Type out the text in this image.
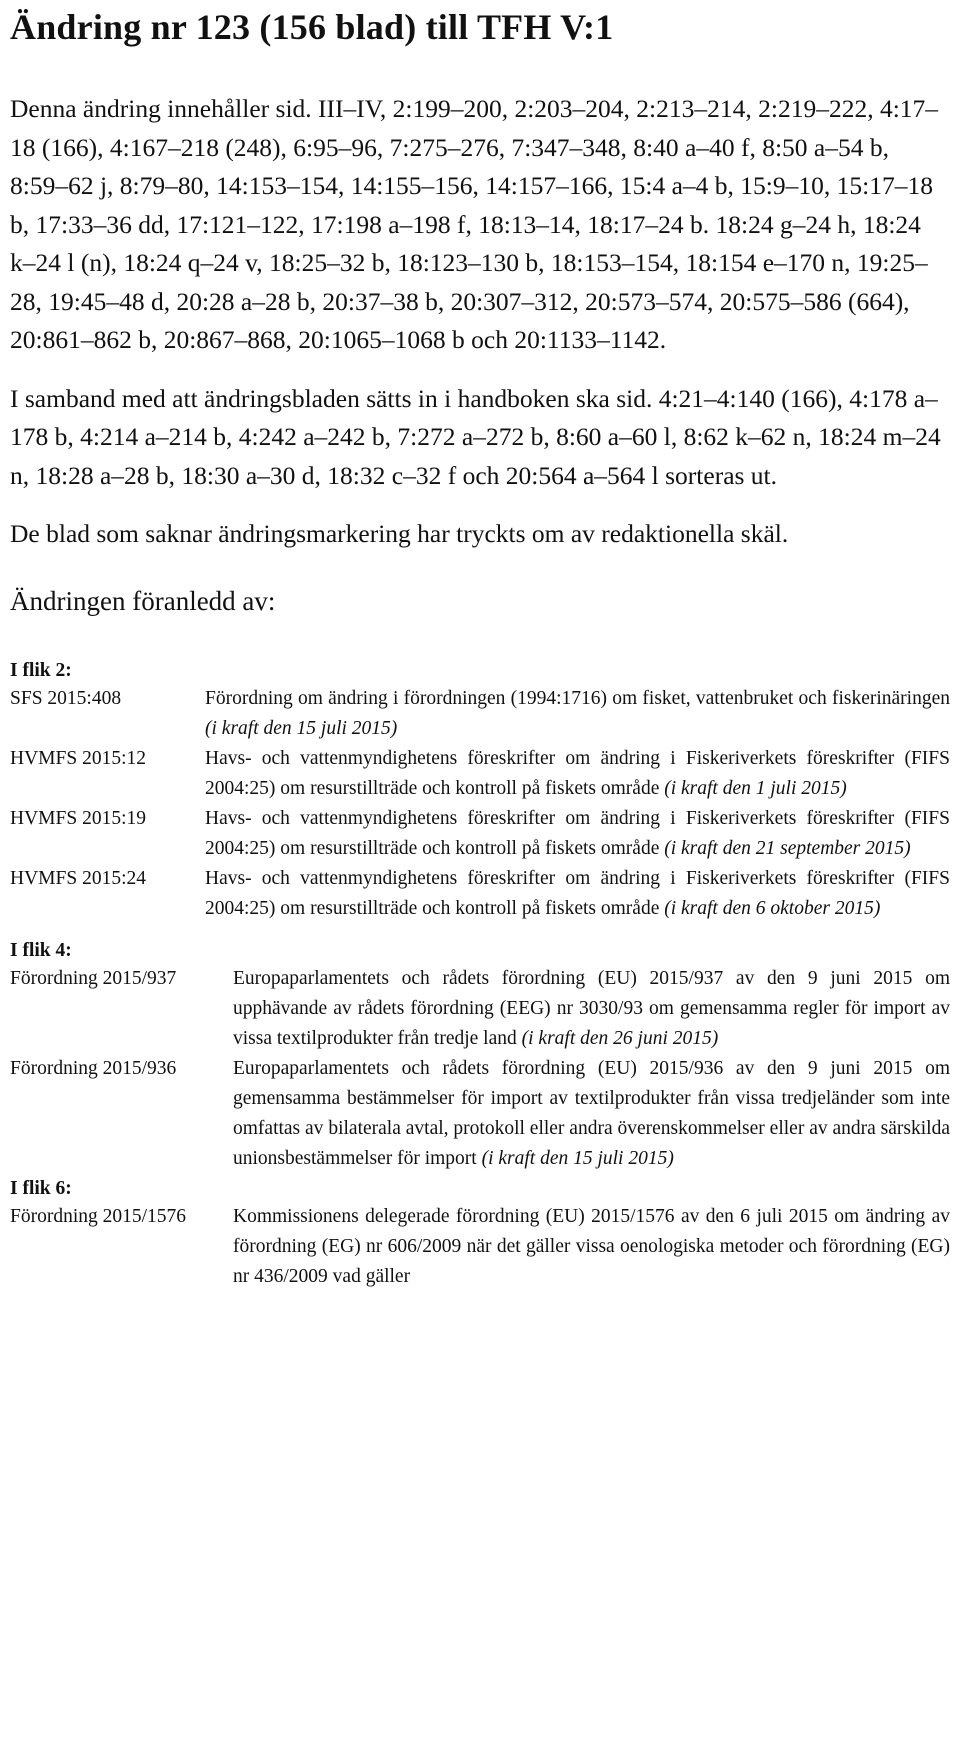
Ändring nr 123 (156 blad) till TFH V:1

Denna ändring innehåller sid. III–IV, 2:199–200, 2:203–204, 2:213–214, 2:219–222, 4:17–18 (166), 4:167–218 (248), 6:95–96, 7:275–276, 7:347–348, 8:40 a–40 f, 8:50 a–54 b, 8:59–62 j, 8:79–80, 14:153–154, 14:155–156, 14:157–166, 15:4 a–4 b, 15:9–10, 15:17–18 b, 17:33–36 dd, 17:121–122, 17:198 a–198 f, 18:13–14, 18:17–24 b. 18:24 g–24 h, 18:24 k–24 l (n), 18:24 q–24 v, 18:25–32 b, 18:123–130 b, 18:153–154, 18:154 e–170 n, 19:25–28, 19:45–48 d, 20:28 a–28 b, 20:37–38 b, 20:307–312, 20:573–574, 20:575–586 (664), 20:861–862 b, 20:867–868, 20:1065–1068 b och 20:1133–1142.

I samband med att ändringsbladen sätts in i handboken ska sid. 4:21–4:140 (166), 4:178 a–178 b, 4:214 a–214 b, 4:242 a–242 b, 7:272 a–272 b, 8:60 a–60 l, 8:62 k–62 n, 18:24 m–24 n, 18:28 a–28 b, 18:30 a–30 d, 18:32 c–32 f och 20:564 a–564 l sorteras ut.

De blad som saknar ändringsmarkering har tryckts om av redaktionella skäl.

Ändringen föranledd av:
I flik 2:
SFS 2015:408	Förordning om ändring i förordningen (1994:1716) om fisket, vattenbruket och fiskerinäringen (i kraft den 15 juli 2015)
HVMFS 2015:12	Havs- och vattenmyndighetens föreskrifter om ändring i Fiskeriverkets föreskrifter (FIFS 2004:25) om resurstillträde och kontroll på fiskets område (i kraft den 1 juli 2015)
HVMFS 2015:19	Havs- och vattenmyndighetens föreskrifter om ändring i Fiskeriverkets föreskrifter (FIFS 2004:25) om resurstillträde och kontroll på fiskets område (i kraft den 21 september 2015)
HVMFS 2015:24	Havs- och vattenmyndighetens föreskrifter om ändring i Fiskeriverkets föreskrifter (FIFS 2004:25) om resurstillträde och kontroll på fiskets område (i kraft den 6 oktober 2015)
I flik 4:
Förordning 2015/937	Europaparlamentets och rådets förordning (EU) 2015/937 av den 9 juni 2015 om upphävande av rådets förordning (EEG) nr 3030/93 om gemensamma regler för import av vissa textilprodukter från tredje land (i kraft den 26 juni 2015)
Förordning 2015/936	Europaparlamentets och rådets förordning (EU) 2015/936 av den 9 juni 2015 om gemensamma bestämmelser för import av textilprodukter från vissa tredjeländer som inte omfattas av bilaterala avtal, protokoll eller andra överenskommelser eller av andra särskilda unionsbestämmelser för import (i kraft den 15 juli 2015)
I flik 6:
Förordning 2015/1576	Kommissionens delegerade förordning (EU) 2015/1576 av den 6 juli 2015 om ändring av förordning (EG) nr 606/2009 när det gäller vissa oenologiska metoder och förordning (EG) nr 436/2009 vad gäller
